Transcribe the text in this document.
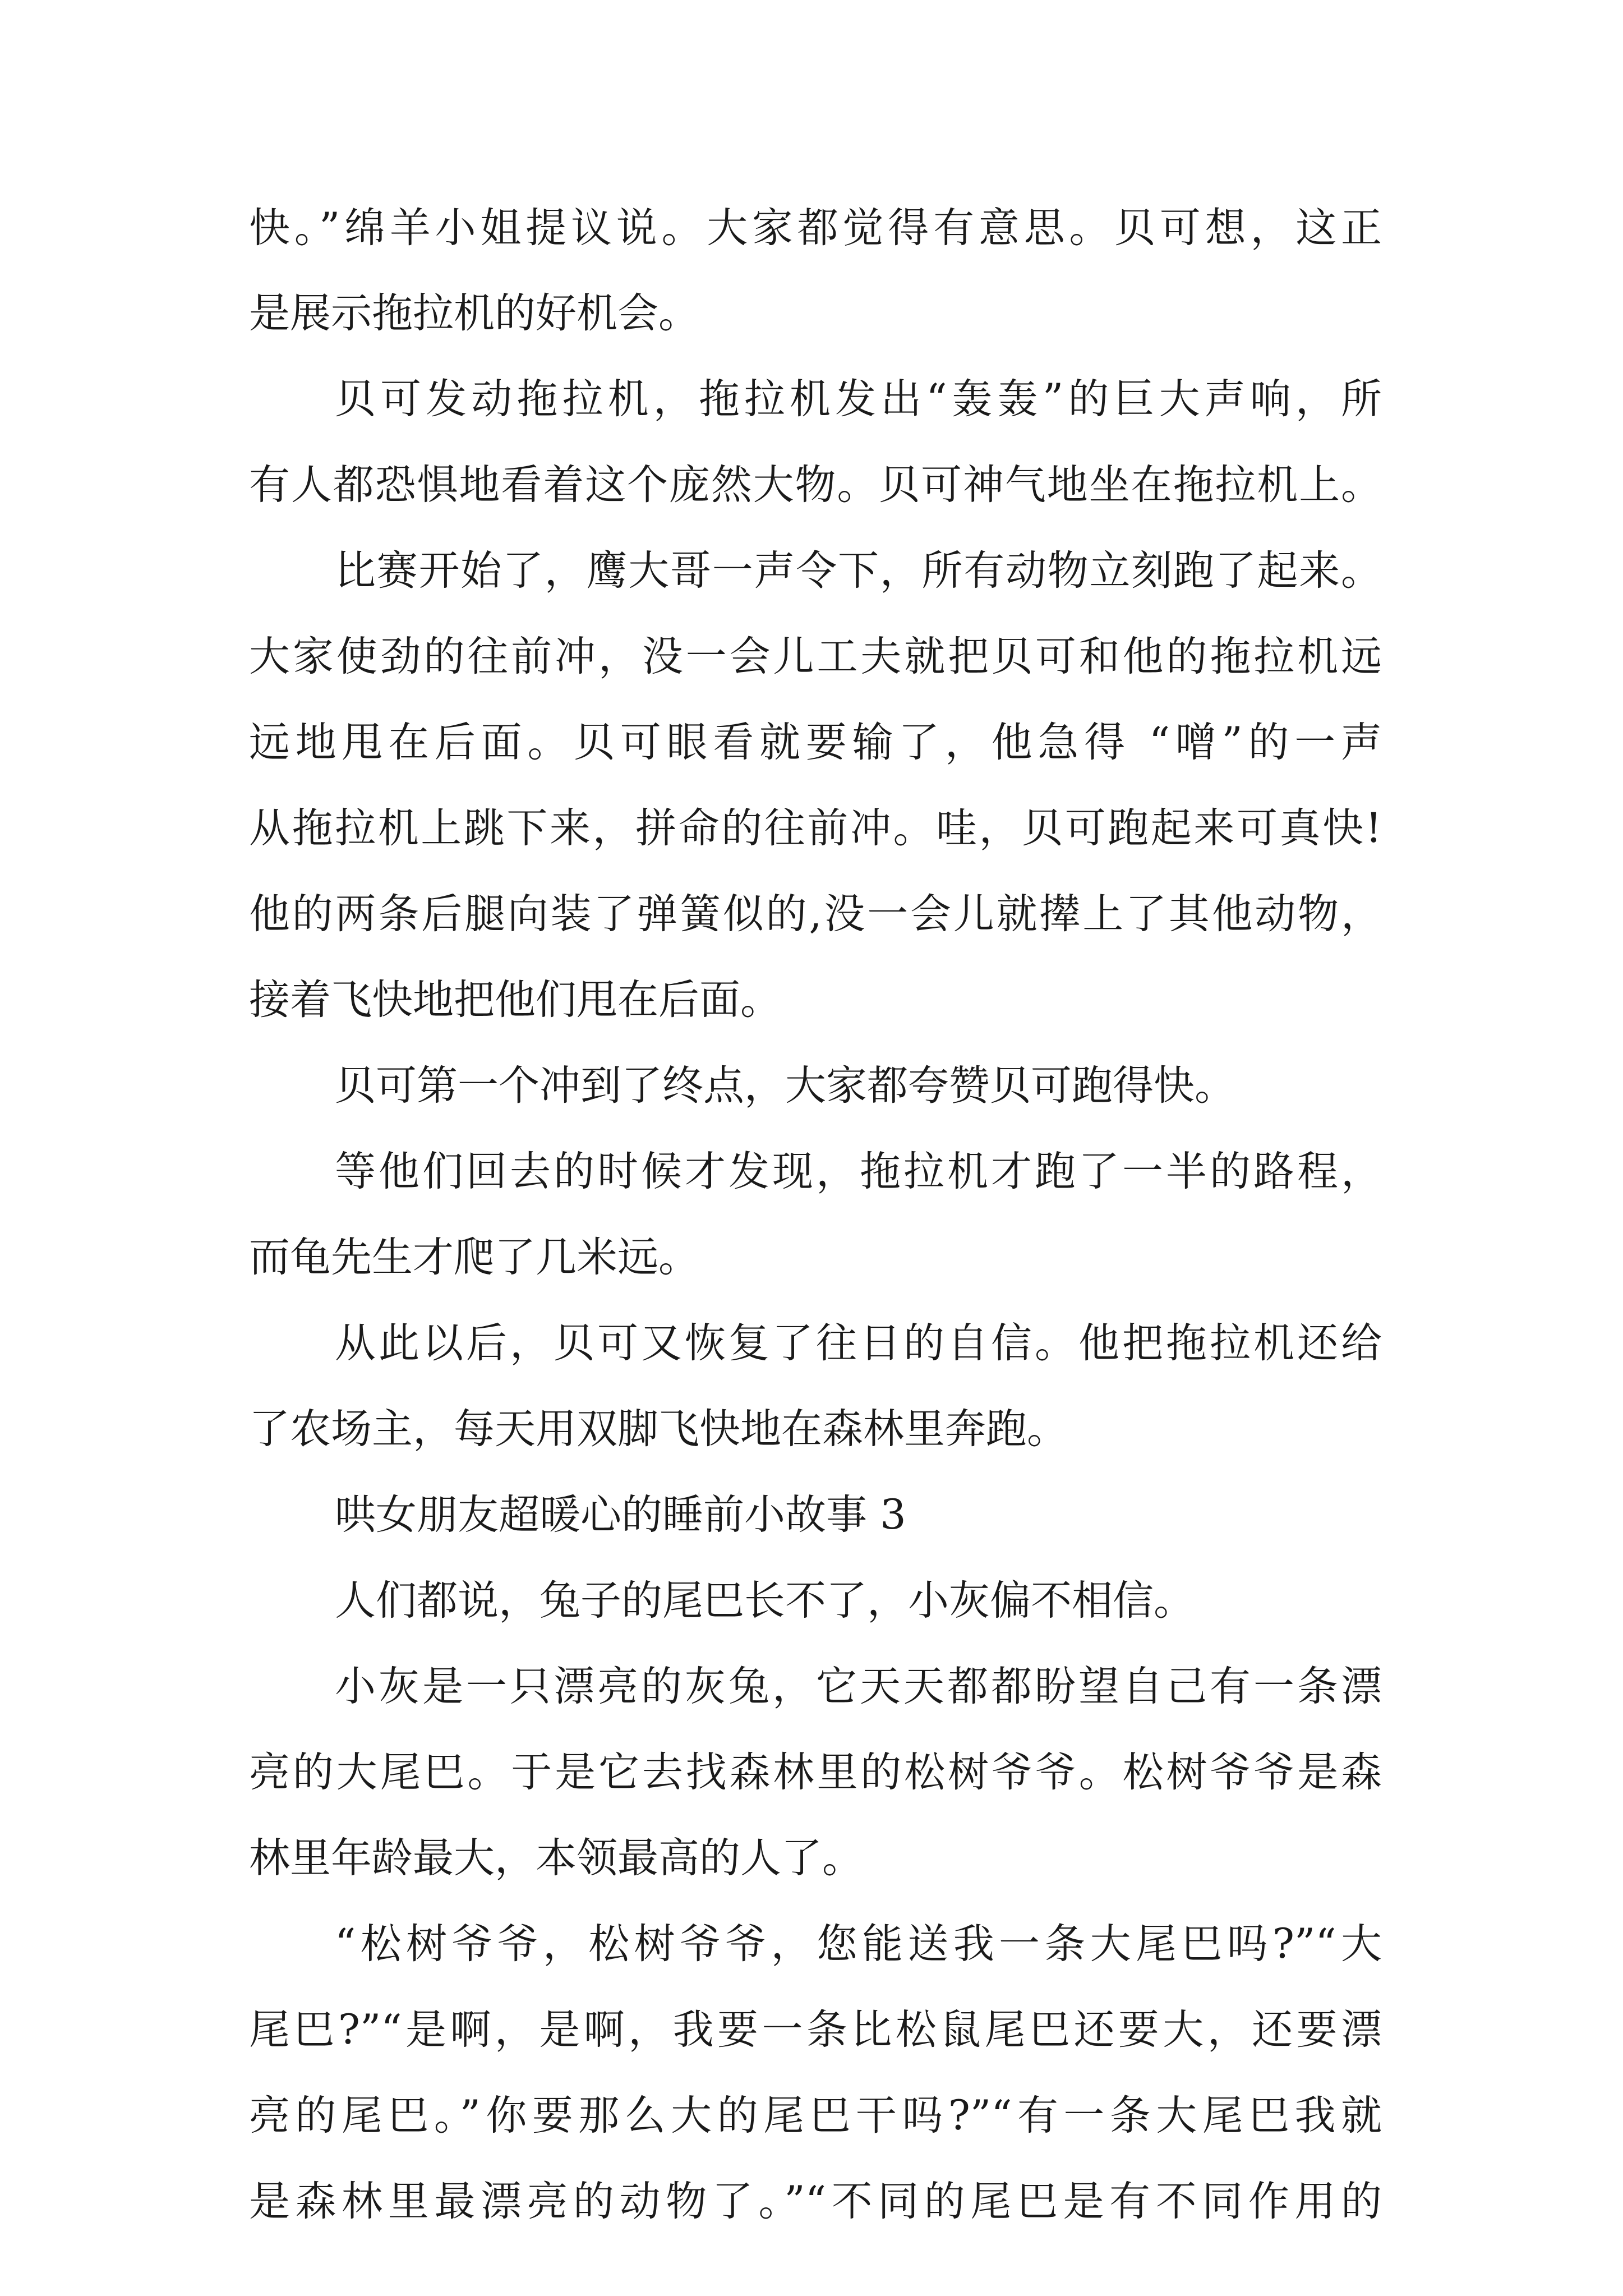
快。”绵羊小姐提议说。大家都觉得有意思。贝可想，这正
是展示拖拉机的好机会。
贝可发动拖拉机，拖拉机发出“轰轰”的巨大声响，所
有人都恐惧地看着这个庞然大物。贝可神气地坐在拖拉机上。
比赛开始了，鹰大哥一声令下，所有动物立刻跑了起来。
大家使劲的往前冲，没一会儿工夫就把贝可和他的拖拉机远
远地甩在后面。贝可眼看就要输了，他急得 “噌”的一声
从拖拉机上跳下来，拼命的往前冲。哇，贝可跑起来可真快!
他的两条后腿向装了弹簧似的,没一会儿就撵上了其他动物，
接着飞快地把他们甩在后面。
贝可第一个冲到了终点，大家都夸赞贝可跑得快。
等他们回去的时候才发现，拖拉机才跑了一半的路程，
而龟先生才爬了几米远。
从此以后，贝可又恢复了往日的自信。他把拖拉机还给
了农场主，每天用双脚飞快地在森林里奔跑。
哄女朋友超暖心的睡前小故事 3
人们都说，兔子的尾巴长不了，小灰偏不相信。
小灰是一只漂亮的灰兔，它天天都都盼望自己有一条漂
亮的大尾巴。于是它去找森林里的松树爷爷。松树爷爷是森
林里年龄最大，本领最高的人了。
“松树爷爷，松树爷爷，您能送我一条大尾巴吗?”“大
尾巴?”“是啊，是啊，我要一条比松鼠尾巴还要大，还要漂
亮的尾巴。”你要那么大的尾巴干吗?”“有一条大尾巴我就
是森林里最漂亮的动物了。”“不同的尾巴是有不同作用的
